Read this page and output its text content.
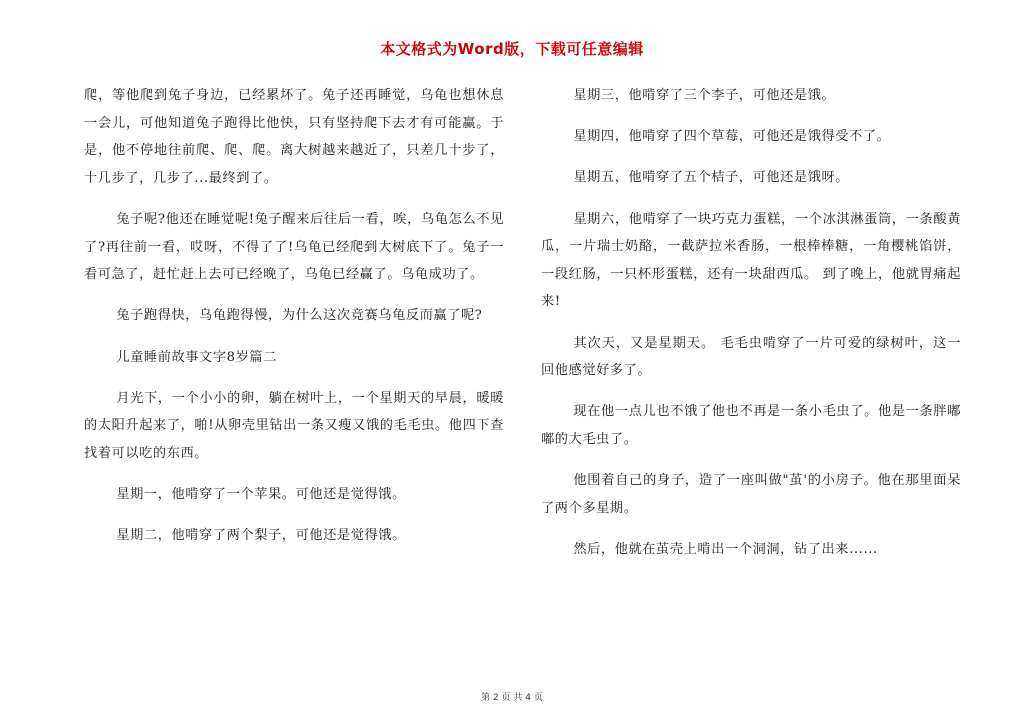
本文格式为Word版，下载可任意编辑

爬，等他爬到兔子身边，已经累坏了。兔子还再睡觉，乌龟也想休息一会儿，可他知道兔子跑得比他快，只有坚持爬下去才有可能赢。于是，他不停地往前爬、爬、爬。离大树越来越近了，只差几十步了，十几步了，几步了...最终到了。

兔子呢?他还在睡觉呢!兔子醒来后往后一看，唉，乌龟怎么不见了?再往前一看，哎呀，不得了了!乌龟已经爬到大树底下了。兔子一看可急了，赶忙赶上去可已经晚了，乌龟已经赢了。乌龟成功了。

兔子跑得快，乌龟跑得慢，为什么这次竞赛乌龟反而赢了呢?

儿童睡前故事文字8岁篇二

月光下，一个小小的卵，躺在树叶上，一个星期天的早晨，暖暖的太阳升起来了，啪!从卵壳里钻出一条又瘦又饿的毛毛虫。他四下查找着可以吃的东西。

星期一，他啃穿了一个苹果。可他还是觉得饿。

星期二，他啃穿了两个梨子，可他还是觉得饿。

星期三，他啃穿了三个李子，可他还是饿。

星期四，他啃穿了四个草莓，可他还是饿得受不了。

星期五，他啃穿了五个桔子，可他还是饿呀。

星期六，他啃穿了一块巧克力蛋糕，一个冰淇淋蛋筒，一条酸黄瓜，一片瑞士奶酪，一截萨拉米香肠，一根棒棒糖，一角樱桃馅饼，一段红肠，一只杯形蛋糕，还有一块甜西瓜。 到了晚上，他就胃痛起来!

其次天，又是星期天。 毛毛虫啃穿了一片可爱的绿树叶，这一回他感觉好多了。

现在他一点儿也不饿了他也不再是一条小毛虫了。他是一条胖嘟嘟的大毛虫了。

他围着自己的身子，造了一座叫做"茧'的小房子。他在那里面呆了两个多星期。

然后，他就在茧壳上啃出一个洞洞，钻了出来......

第 2 页 共 4 页
